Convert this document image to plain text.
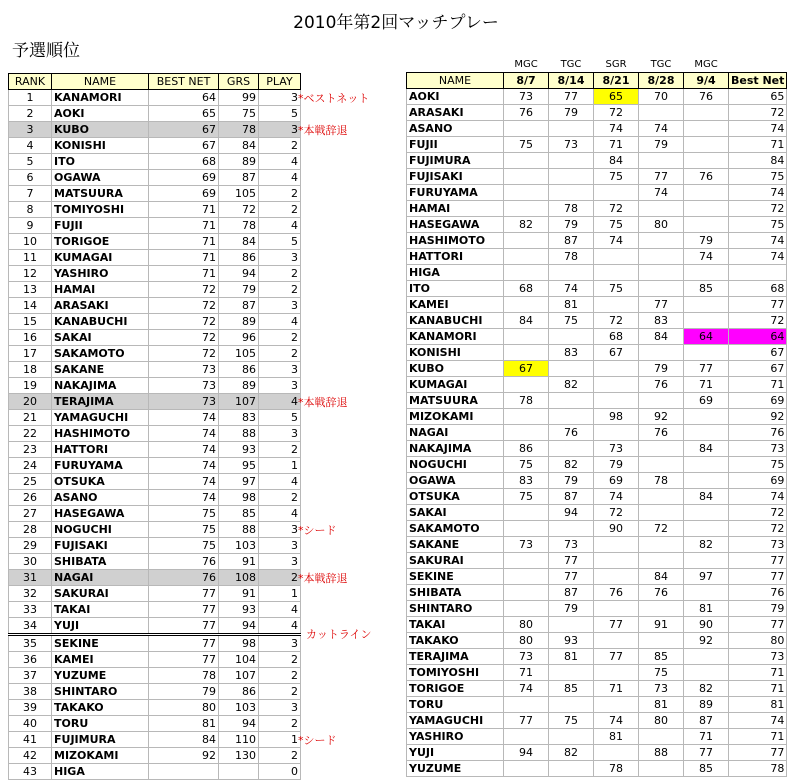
2010年第2回マッチプレー
予選順位
RANK	NAME	BEST NET	GRS	PLAY
1	KANAMORI	64	99	3
2	AOKI	65	75	5
3	KUBO	67	78	3
4	KONISHI	67	84	2
5	ITO	68	89	4
6	OGAWA	69	87	4
7	MATSUURA	69	105	2
8	TOMIYOSHI	71	72	2
9	FUJII	71	78	4
10	TORIGOE	71	84	5
11	KUMAGAI	71	86	3
12	YASHIRO	71	94	2
13	HAMAI	72	79	2
14	ARASAKI	72	87	3
15	KANABUCHI	72	89	4
16	SAKAI	72	96	2
17	SAKAMOTO	72	105	2
18	SAKANE	73	86	3
19	NAKAJIMA	73	89	3
20	TERAJIMA	73	107	4
21	YAMAGUCHI	74	83	5
22	HASHIMOTO	74	88	3
23	HATTORI	74	93	2
24	FURUYAMA	74	95	1
25	OTSUKA	74	97	4
26	ASANO	74	98	2
27	HASEGAWA	75	85	4
28	NOGUCHI	75	88	3
29	FUJISAKI	75	103	3
30	SHIBATA	76	91	3
31	NAGAI	76	108	2
32	SAKURAI	77	91	1
33	TAKAI	77	93	4
34	YUJI	77	94	4
35	SEKINE	77	98	3
36	KAMEI	77	104	2
37	YUZUME	78	107	2
38	SHINTARO	79	86	2
39	TAKAKO	80	103	3
40	TORU	81	94	2
41	FUJIMURA	84	110	1
42	MIZOKAMI	92	130	2
43	HIGA			0
*ベストネット
*本戦辞退
*本戦辞退
*シード
*本戦辞退
カットライン
*シード
	MGC	TGC	SGR	TGC	MGC	
NAME	8/7	8/14	8/21	8/28	9/4	Best Net
AOKI	73	77	65	70	76	65
ARASAKI	76	79	72			72
ASANO			74	74		74
FUJII	75	73	71	79		71
FUJIMURA			84			84
FUJISAKI			75	77	76	75
FURUYAMA				74		74
HAMAI		78	72			72
HASEGAWA	82	79	75	80		75
HASHIMOTO		87	74		79	74
HATTORI		78			74	74
HIGA						
ITO	68	74	75		85	68
KAMEI		81		77		77
KANABUCHI	84	75	72	83		72
KANAMORI			68	84	64	64
KONISHI		83	67			67
KUBO	67			79	77	67
KUMAGAI		82		76	71	71
MATSUURA	78				69	69
MIZOKAMI			98	92		92
NAGAI		76		76		76
NAKAJIMA	86		73		84	73
NOGUCHI	75	82	79			75
OGAWA	83	79	69	78		69
OTSUKA	75	87	74		84	74
SAKAI		94	72			72
SAKAMOTO			90	72		72
SAKANE	73	73			82	73
SAKURAI		77				77
SEKINE		77		84	97	77
SHIBATA		87	76	76		76
SHINTARO		79			81	79
TAKAI	80		77	91	90	77
TAKAKO	80	93			92	80
TERAJIMA	73	81	77	85		73
TOMIYOSHI	71			75		71
TORIGOE	74	85	71	73	82	71
TORU				81	89	81
YAMAGUCHI	77	75	74	80	87	74
YASHIRO			81		71	71
YUJI	94	82		88	77	77
YUZUME			78		85	78
